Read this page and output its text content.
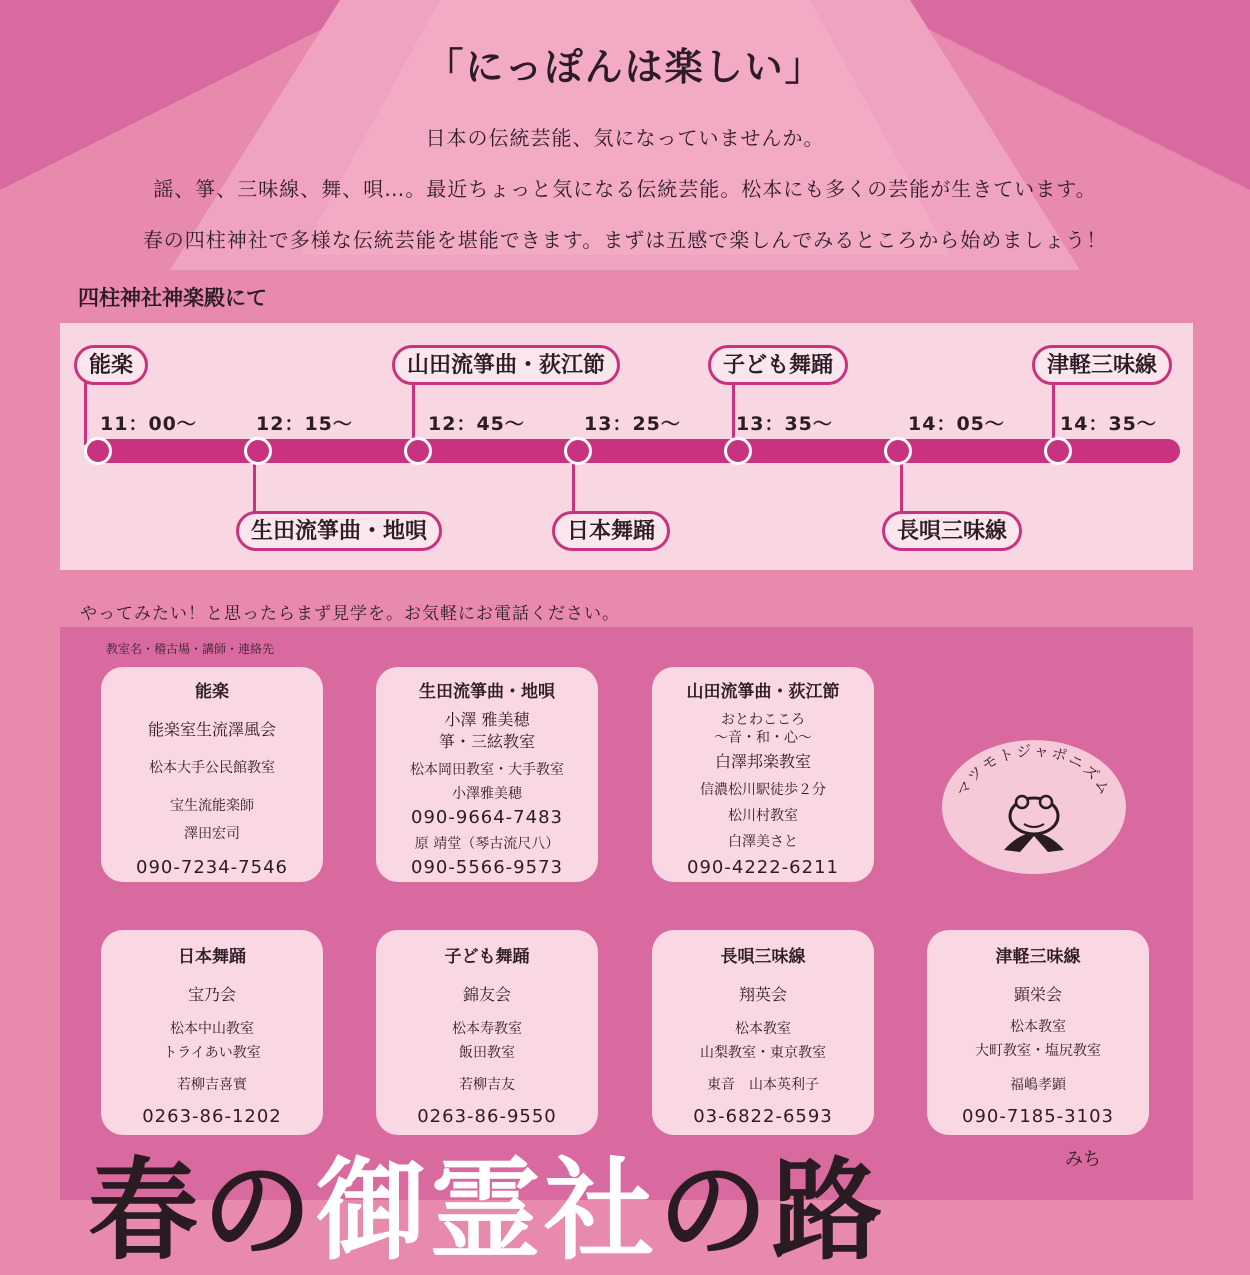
「にっぽんは楽しい」
日本の伝統芸能、気になっていませんか。
謡、箏、三味線、舞、唄…。最近ちょっと気になる伝統芸能。松本にも多くの芸能が生きています。
春の四柱神社で多様な伝統芸能を堪能できます。まずは五感で楽しんでみるところから始めましょう！
四柱神社神楽殿にて
能楽
11：00～
生田流箏曲・地唄
12：15～
山田流箏曲・荻江節
12：45～
日本舞踊
13：25～
子ども舞踊
13：35～
長唄三味線
14：05～
津軽三味線
14：35～
やってみたい！と思ったらまず見学を。お気軽にお電話ください。
教室名・稽古場・講師・連絡先
能楽
能楽室生流澤風会
松本大手公民館教室
宝生流能楽師
澤田宏司
090-7234-7546
生田流箏曲・地唄
小澤 雅美穂
箏・三絃教室
松本岡田教室・大手教室
小澤雅美穂
090-9664-7483
原 靖堂（琴古流尺八）
090-5566-9573
山田流箏曲・荻江節
おとわこころ
～音・和・心～
白澤邦楽教室
信濃松川駅徒歩２分
松川村教室
白澤美さと
090-4222-6211
マツモトジャポニズム
日本舞踊
宝乃会
松本中山教室
トライあい教室
若柳吉喜實
0263-86-1202
子ども舞踊
錦友会
松本寿教室
飯田教室
若柳吉友
0263-86-9550
長唄三味線
翔英会
松本教室
山梨教室・東京教室
東音　山本英利子
03-6822-6593
津軽三味線
顕栄会
松本教室
大町教室・塩尻教室
福嶋孝顕
090-7185-3103
春の御霊社の路	みち
